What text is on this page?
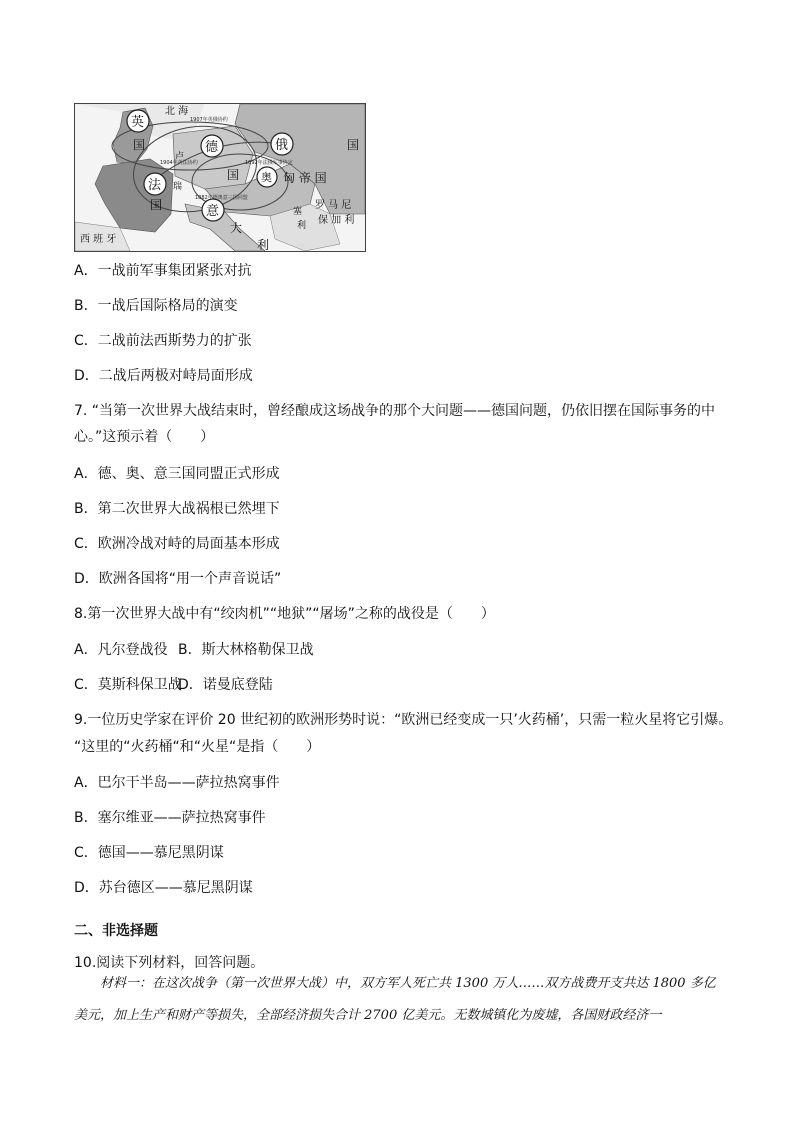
英
国	德
国
俄	国
法
国
奥 匈 帝 国
意
大
利
西 班 牙
罗 马 尼
保 加 利
卢
瑞
塞
利
北 海
1907年英俄协约
1904年英法协约	1892年法俄军事协定
1882年德奥意三国同盟
A．一战前军事集团紧张对抗
B．一战后国际格局的演变
C．二战前法西斯势力的扩张
D．二战后两极对峙局面形成
7. “当第一次世界大战结束时，曾经酿成这场战争的那个大问题——德国问题，仍依旧摆在国际事务的中
心。”这预示着（　　）
A．德、奥、意三国同盟正式形成
B．第二次世界大战祸根已然埋下
C．欧洲冷战对峙的局面基本形成
D．欧洲各国将“用一个声音说话”
8.第一次世界大战中有“绞肉机”“地狱”“屠场”之称的战役是（　　）
A．凡尔登战役 B．斯大林格勒保卫战
C．莫斯科保卫战D．诺曼底登陆
9.一位历史学家在评价 20 世纪初的欧洲形势时说：“欧洲已经变成一只’火药桶’，只需一粒火星将它引爆。
“这里的“火药桶“和“火星“是指（　　）
A．巴尔干半岛——萨拉热窝事件
B．塞尔维亚——萨拉热窝事件
C．德国——慕尼黑阴谋
D．苏台德区——慕尼黑阴谋
二、非选择题
10.阅读下列材料，回答问题。
材料一：在这次战争（第一次世界大战）中，双方军人死亡共 1300 万人……双方战费开支共达 1800 多亿美元，加上生产和财产等损失，全部经济损失合计 2700 亿美元。无数城镇化为废墟，各国财政经济一
